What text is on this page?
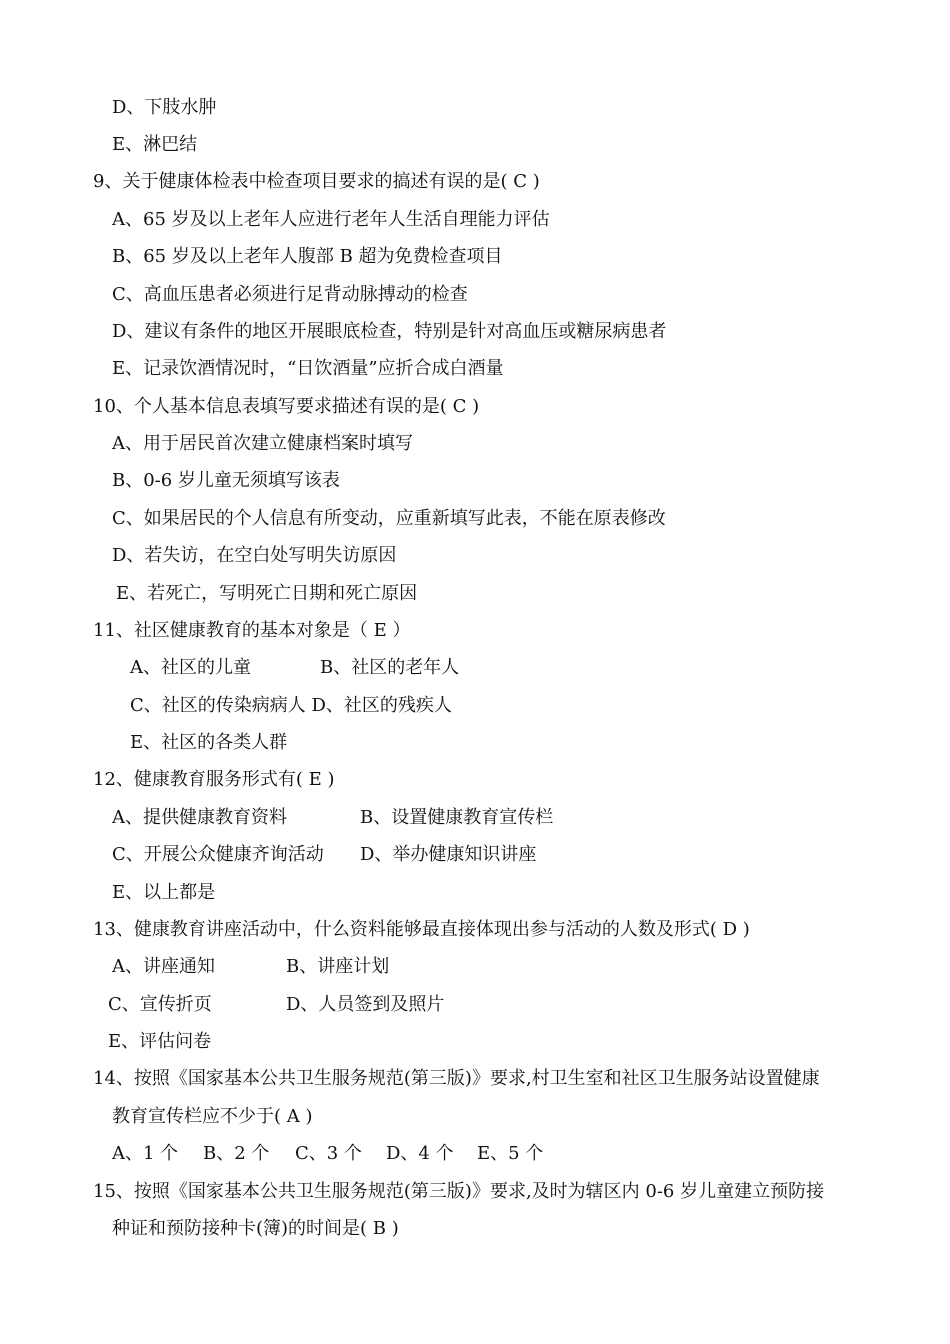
D、下肢水肿
E、淋巴结
9、关于健康体检表中检查项目要求的搞述有误的是( C )
A、65 岁及以上老年人应进行老年人生活自理能力评估
B、65 岁及以上老年人腹部 B 超为免费检查项目
C、高血压患者必须进行足背动脉搏动的检查
D、建议有条件的地区开展眼底检查，特别是针对高血压或糖尿病患者
E、记录饮酒情况时，“日饮酒量”应折合成白酒量
10、个人基本信息表填写要求描述有误的是( C )
A、用于居民首次建立健康档案时填写
B、0-6 岁儿童无须填写该表
C、如果居民的个人信息有所变动，应重新填写此表，不能在原表修改
D、若失访，在空白处写明失访原因
E、若死亡，写明死亡日期和死亡原因
11、社区健康教育的基本对象是（ E ）
A、社区的儿童	B、社区的老年人
C、社区的传染病病人 D、社区的残疾人
E、社区的各类人群
12、健康教育服务形式有( E )
A、提供健康教育资料	B、设置健康教育宣传栏
C、开展公众健康齐询活动 D、举办健康知识讲座
E、以上都是
13、健康教育讲座活动中，什么资料能够最直接体现出参与活动的人数及形式( D )
A、讲座通知	B、讲座计划
C、宣传折页	D、人员签到及照片
E、评估问卷
14、按照《国家基本公共卫生服务规范(第三版)》要求,村卫生室和社区卫生服务站设置健康
教育宣传栏应不少于( A )
A、1 个 B、2 个 C、3 个 D、4 个 E、5 个
15、按照《国家基本公共卫生服务规范(第三版)》要求,及时为辖区内 0-6 岁儿童建立预防接
种证和预防接种卡(簿)的时间是( B )
